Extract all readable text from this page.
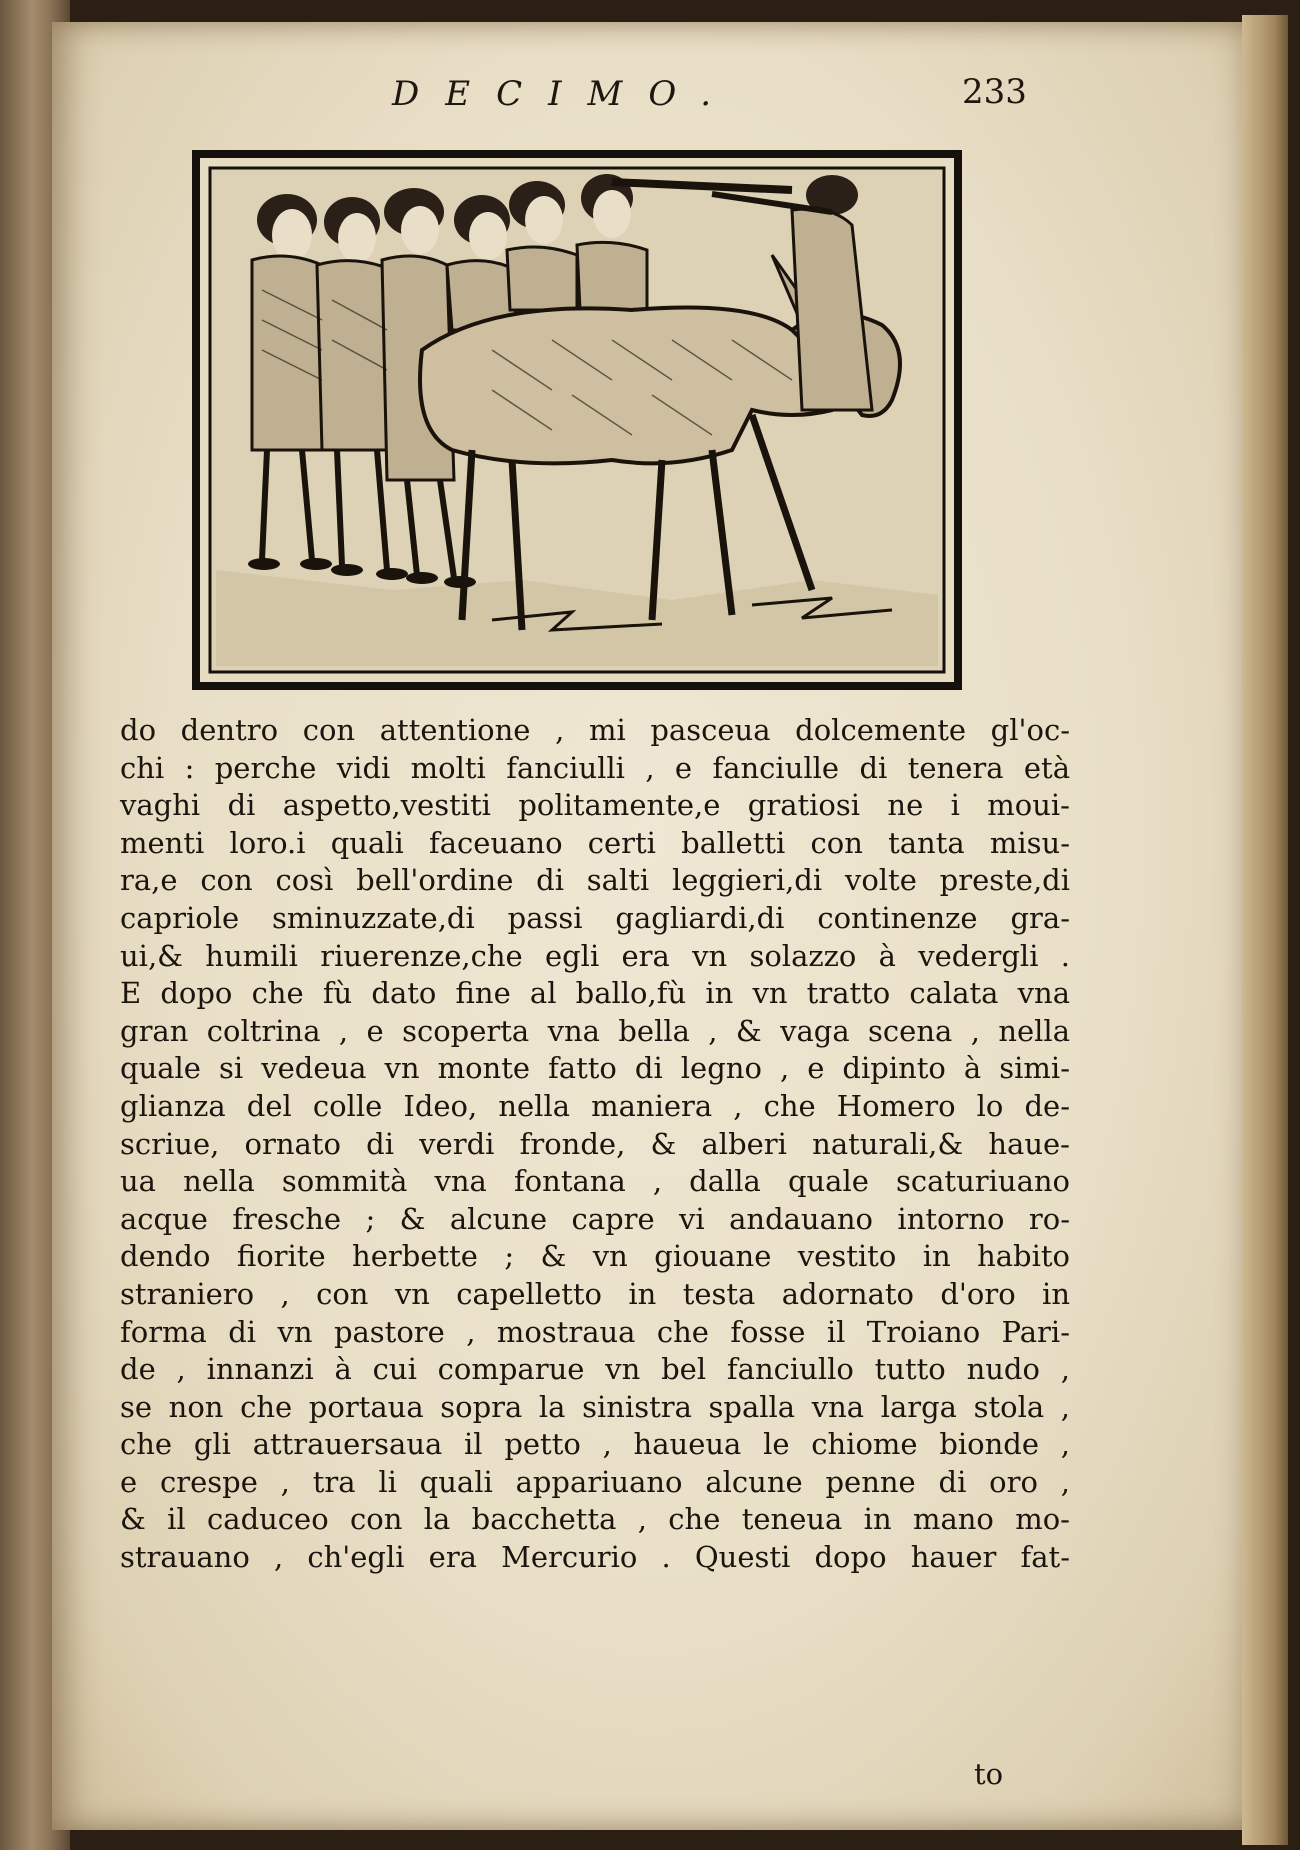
DECIMO.	233
do dentro con attentione , mi pasceua dolcemente gl'oc-
chi : perche vidi molti fanciulli , e fanciulle di tenera età
vaghi di aspetto,vestiti politamente,e gratiosi ne i moui-
menti loro.i quali faceuano certi balletti con tanta misu-
ra,e con così bell'ordine di salti leggieri,di volte preste,di
capriole sminuzzate,di passi gagliardi,di continenze gra-
ui,& humili riuerenze,che egli era vn solazzo à vedergli .
E dopo che fù dato fine al ballo,fù in vn tratto calata vna
gran coltrina , e scoperta vna bella , & vaga scena , nella
quale si vedeua vn monte fatto di legno , e dipinto à simi-
glianza del colle Ideo, nella maniera , che Homero lo de-
scriue, ornato di verdi fronde, & alberi naturali,& haue-
ua nella sommità vna fontana , dalla quale scaturiuano
acque fresche ; & alcune capre vi andauano intorno ro-
dendo fiorite herbette ; & vn giouane vestito in habito
straniero , con vn capelletto in testa adornato d'oro in
forma di vn pastore , mostraua che fosse il Troiano Pari-
de , innanzi à cui comparue vn bel fanciullo tutto nudo ,
se non che portaua sopra la sinistra spalla vna larga stola ,
che gli attrauersaua il petto , haueua le chiome bionde ,
e crespe , tra li quali appariuano alcune penne di oro ,
& il caduceo con la bacchetta , che teneua in mano mo-
strauano , ch'egli era Mercurio . Questi dopo hauer fat-
to
